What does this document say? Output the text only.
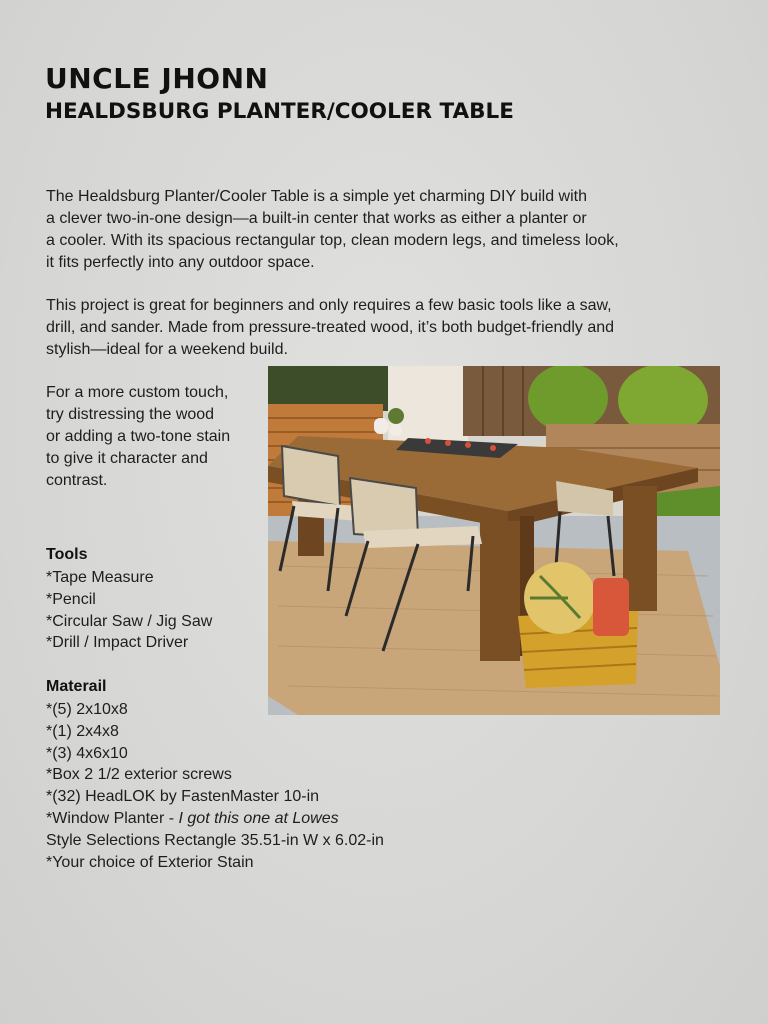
UNCLE JHONN
HEALDSBURG PLANTER/COOLER TABLE

The Healdsburg Planter/Cooler Table is a simple yet charming DIY build with
a clever two-in-one design—a built-in center that works as either a planter or
a cooler. With its spacious rectangular top, clean modern legs, and timeless look,
it fits perfectly into any outdoor space.

This project is great for beginners and only requires a few basic tools like a saw,
drill, and sander. Made from pressure-treated wood, it’s both budget-friendly and
stylish—ideal for a weekend build.

For a more custom touch,
try distressing the wood
or adding a two-tone stain
to give it character and
contrast.

Tools
*Tape Measure
*Pencil
*Circular Saw / Jig Saw
*Drill / Impact Driver
Materail
*(5) 2x10x8
*(1) 2x4x8
*(3) 4x6x10
*Box 2 1/2 exterior screws
*(32) HeadLOK by FastenMaster 10-in
*Window Planter - I got this one at Lowes
Style Selections Rectangle 35.51-in W x 6.02-in
*Your choice of Exterior Stain
